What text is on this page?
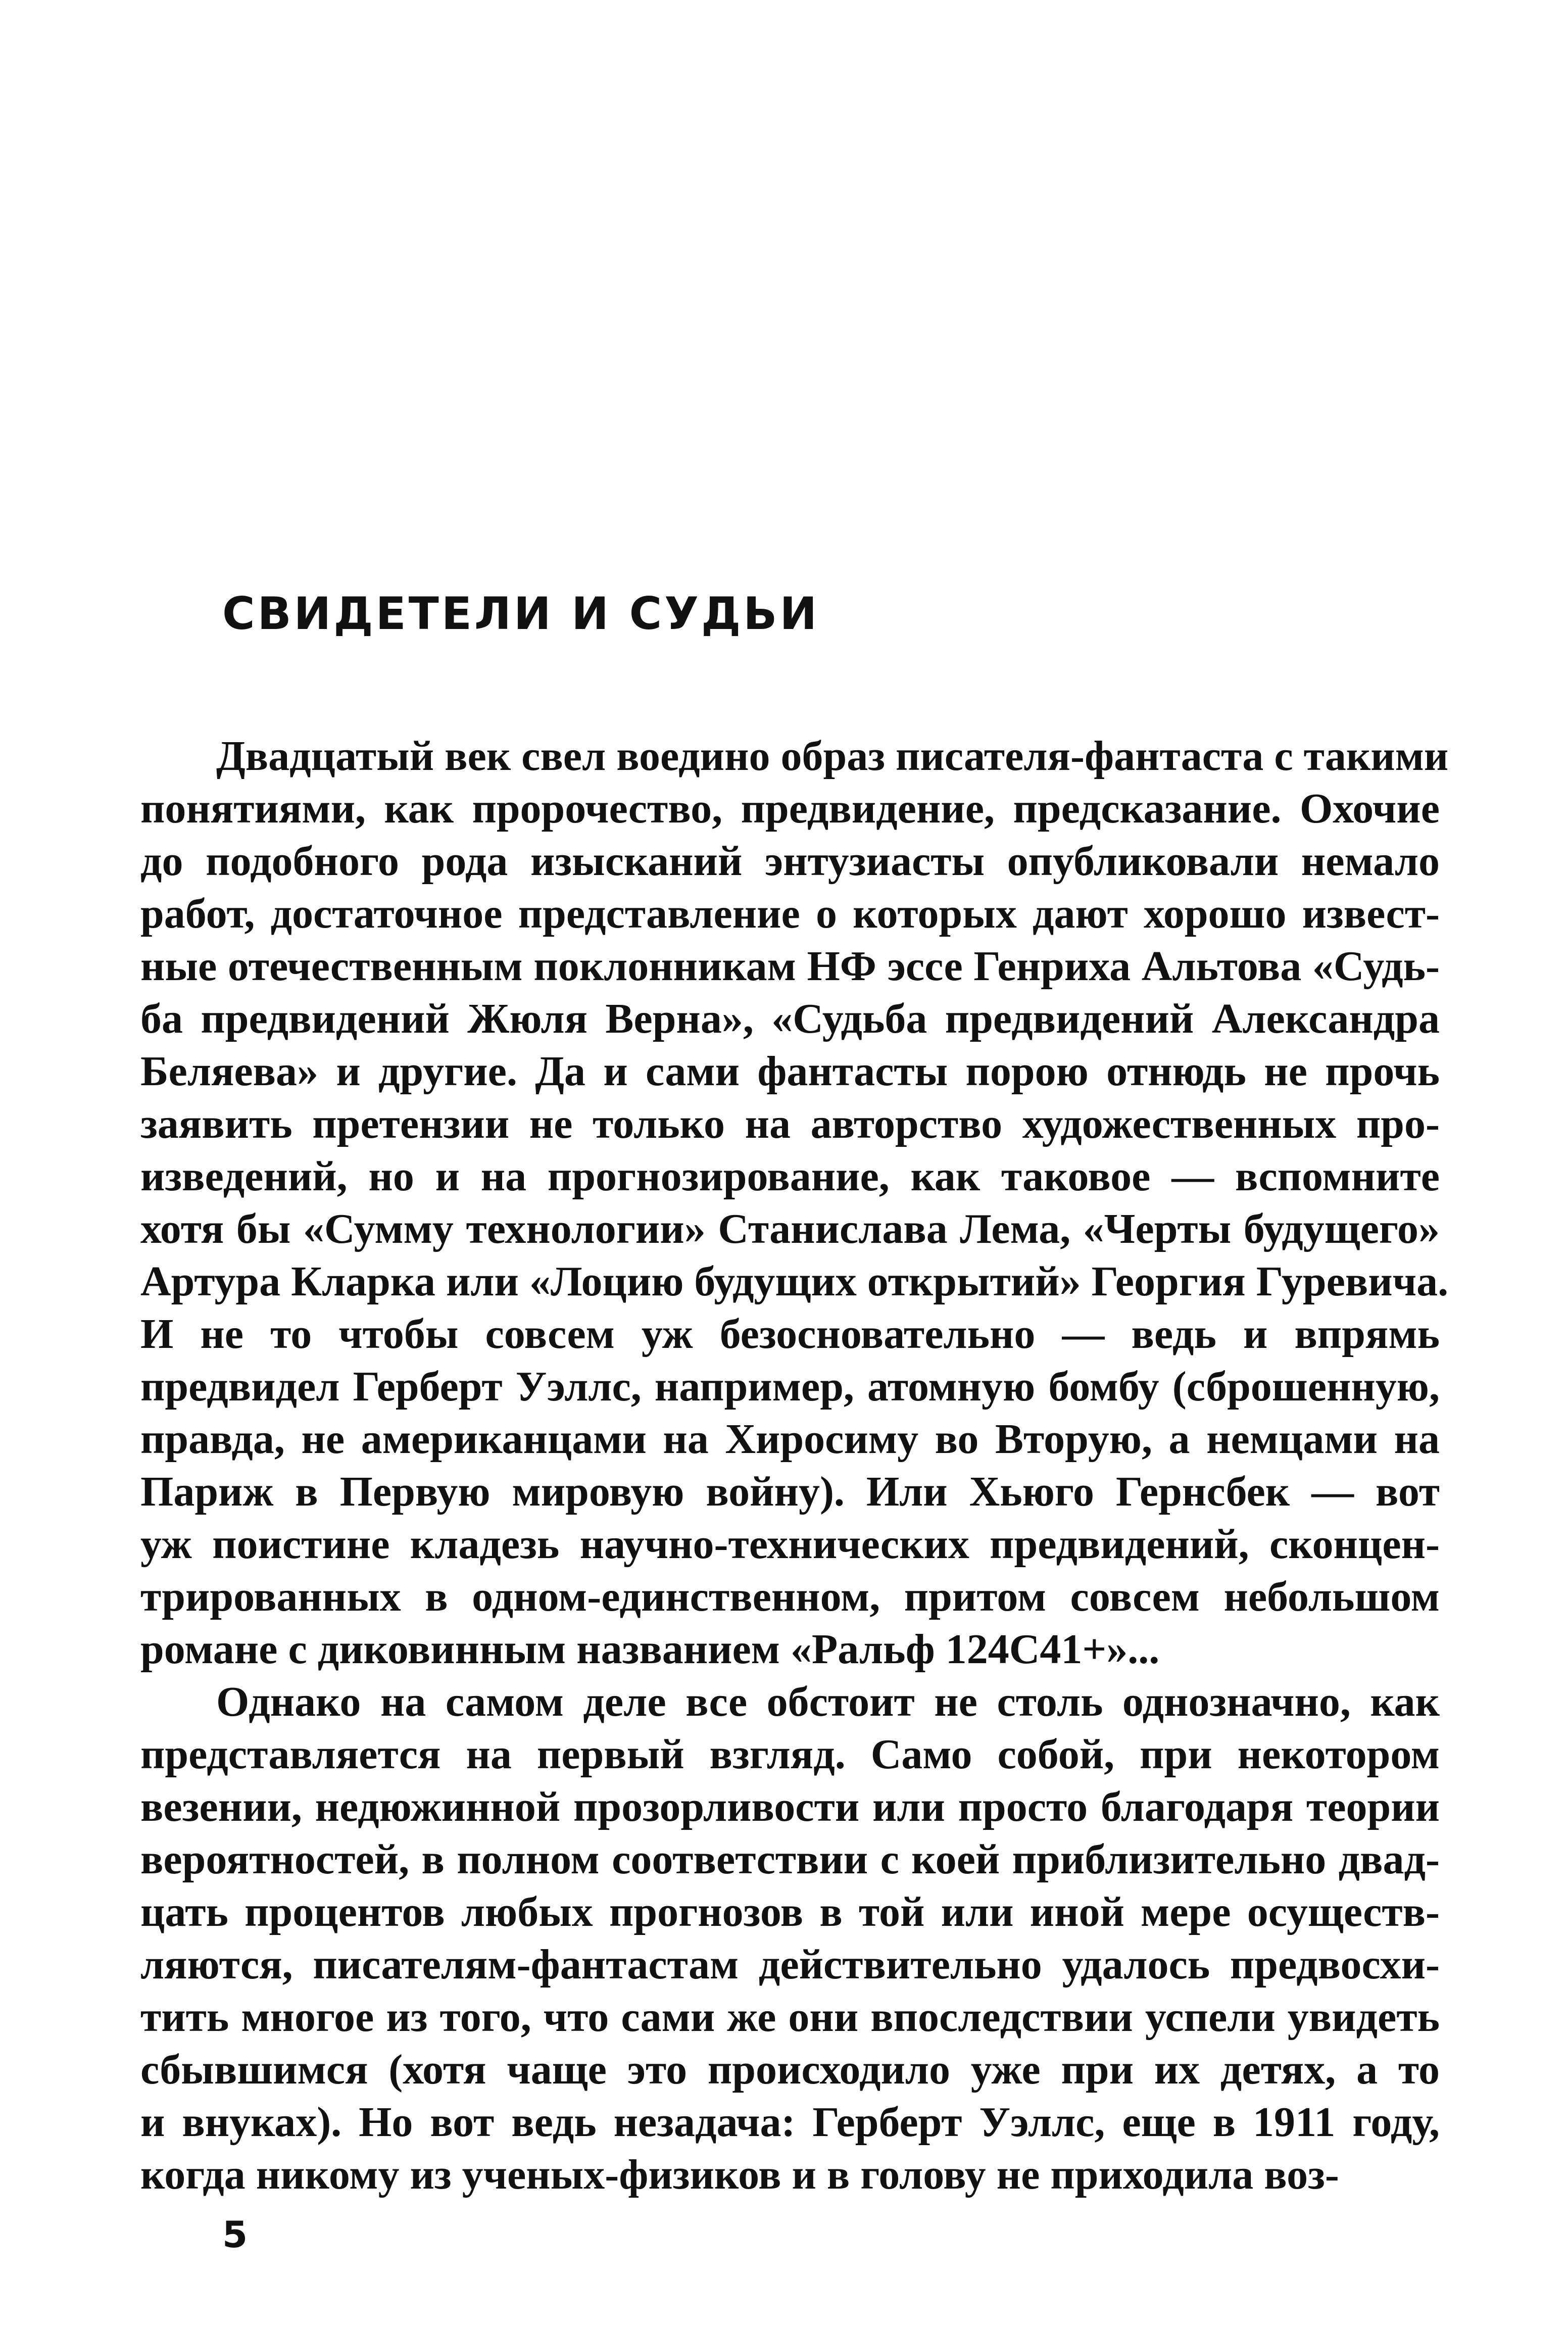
СВИДЕТЕЛИ И СУДЬИ
Двадцатый век свел воедино образ писателя-фантаста с такими
понятиями, как пророчество, предвидение, предсказание. Охочие
до подобного рода изысканий энтузиасты опубликовали немало
работ, достаточное представление о которых дают хорошо извест-
ные отечественным поклонникам НФ эссе Генриха Альтова «Судь-
ба предвидений Жюля Верна», «Судьба предвидений Александра
Беляева» и другие. Да и сами фантасты порою отнюдь не прочь
заявить претензии не только на авторство художественных про-
изведений, но и на прогнозирование, как таковое — вспомните
хотя бы «Сумму технологии» Станислава Лема, «Черты будущего»
Артура Кларка или «Лоцию будущих открытий» Георгия Гуревича.
И не то чтобы совсем уж безосновательно — ведь и впрямь
предвидел Герберт Уэллс, например, атомную бомбу (сброшенную,
правда, не американцами на Хиросиму во Вторую, а немцами на
Париж в Первую мировую войну). Или Хьюго Гернсбек — вот
уж поистине кладезь научно-технических предвидений, сконцен-
трированных в одном-единственном, притом совсем небольшом
романе с диковинным названием «Ральф 124C41+»...
Однако на самом деле все обстоит не столь однозначно, как
представляется на первый взгляд. Само собой, при некотором
везении, недюжинной прозорливости или просто благодаря теории
вероятностей, в полном соответствии с коей приблизительно двад-
цать процентов любых прогнозов в той или иной мере осуществ-
ляются, писателям-фантастам действительно удалось предвосхи-
тить многое из того, что сами же они впоследствии успели увидеть
сбывшимся (хотя чаще это происходило уже при их детях, а то
и внуках). Но вот ведь незадача: Герберт Уэллс, еще в 1911 году,
когда никому из ученых-физиков и в голову не приходила воз-
5
